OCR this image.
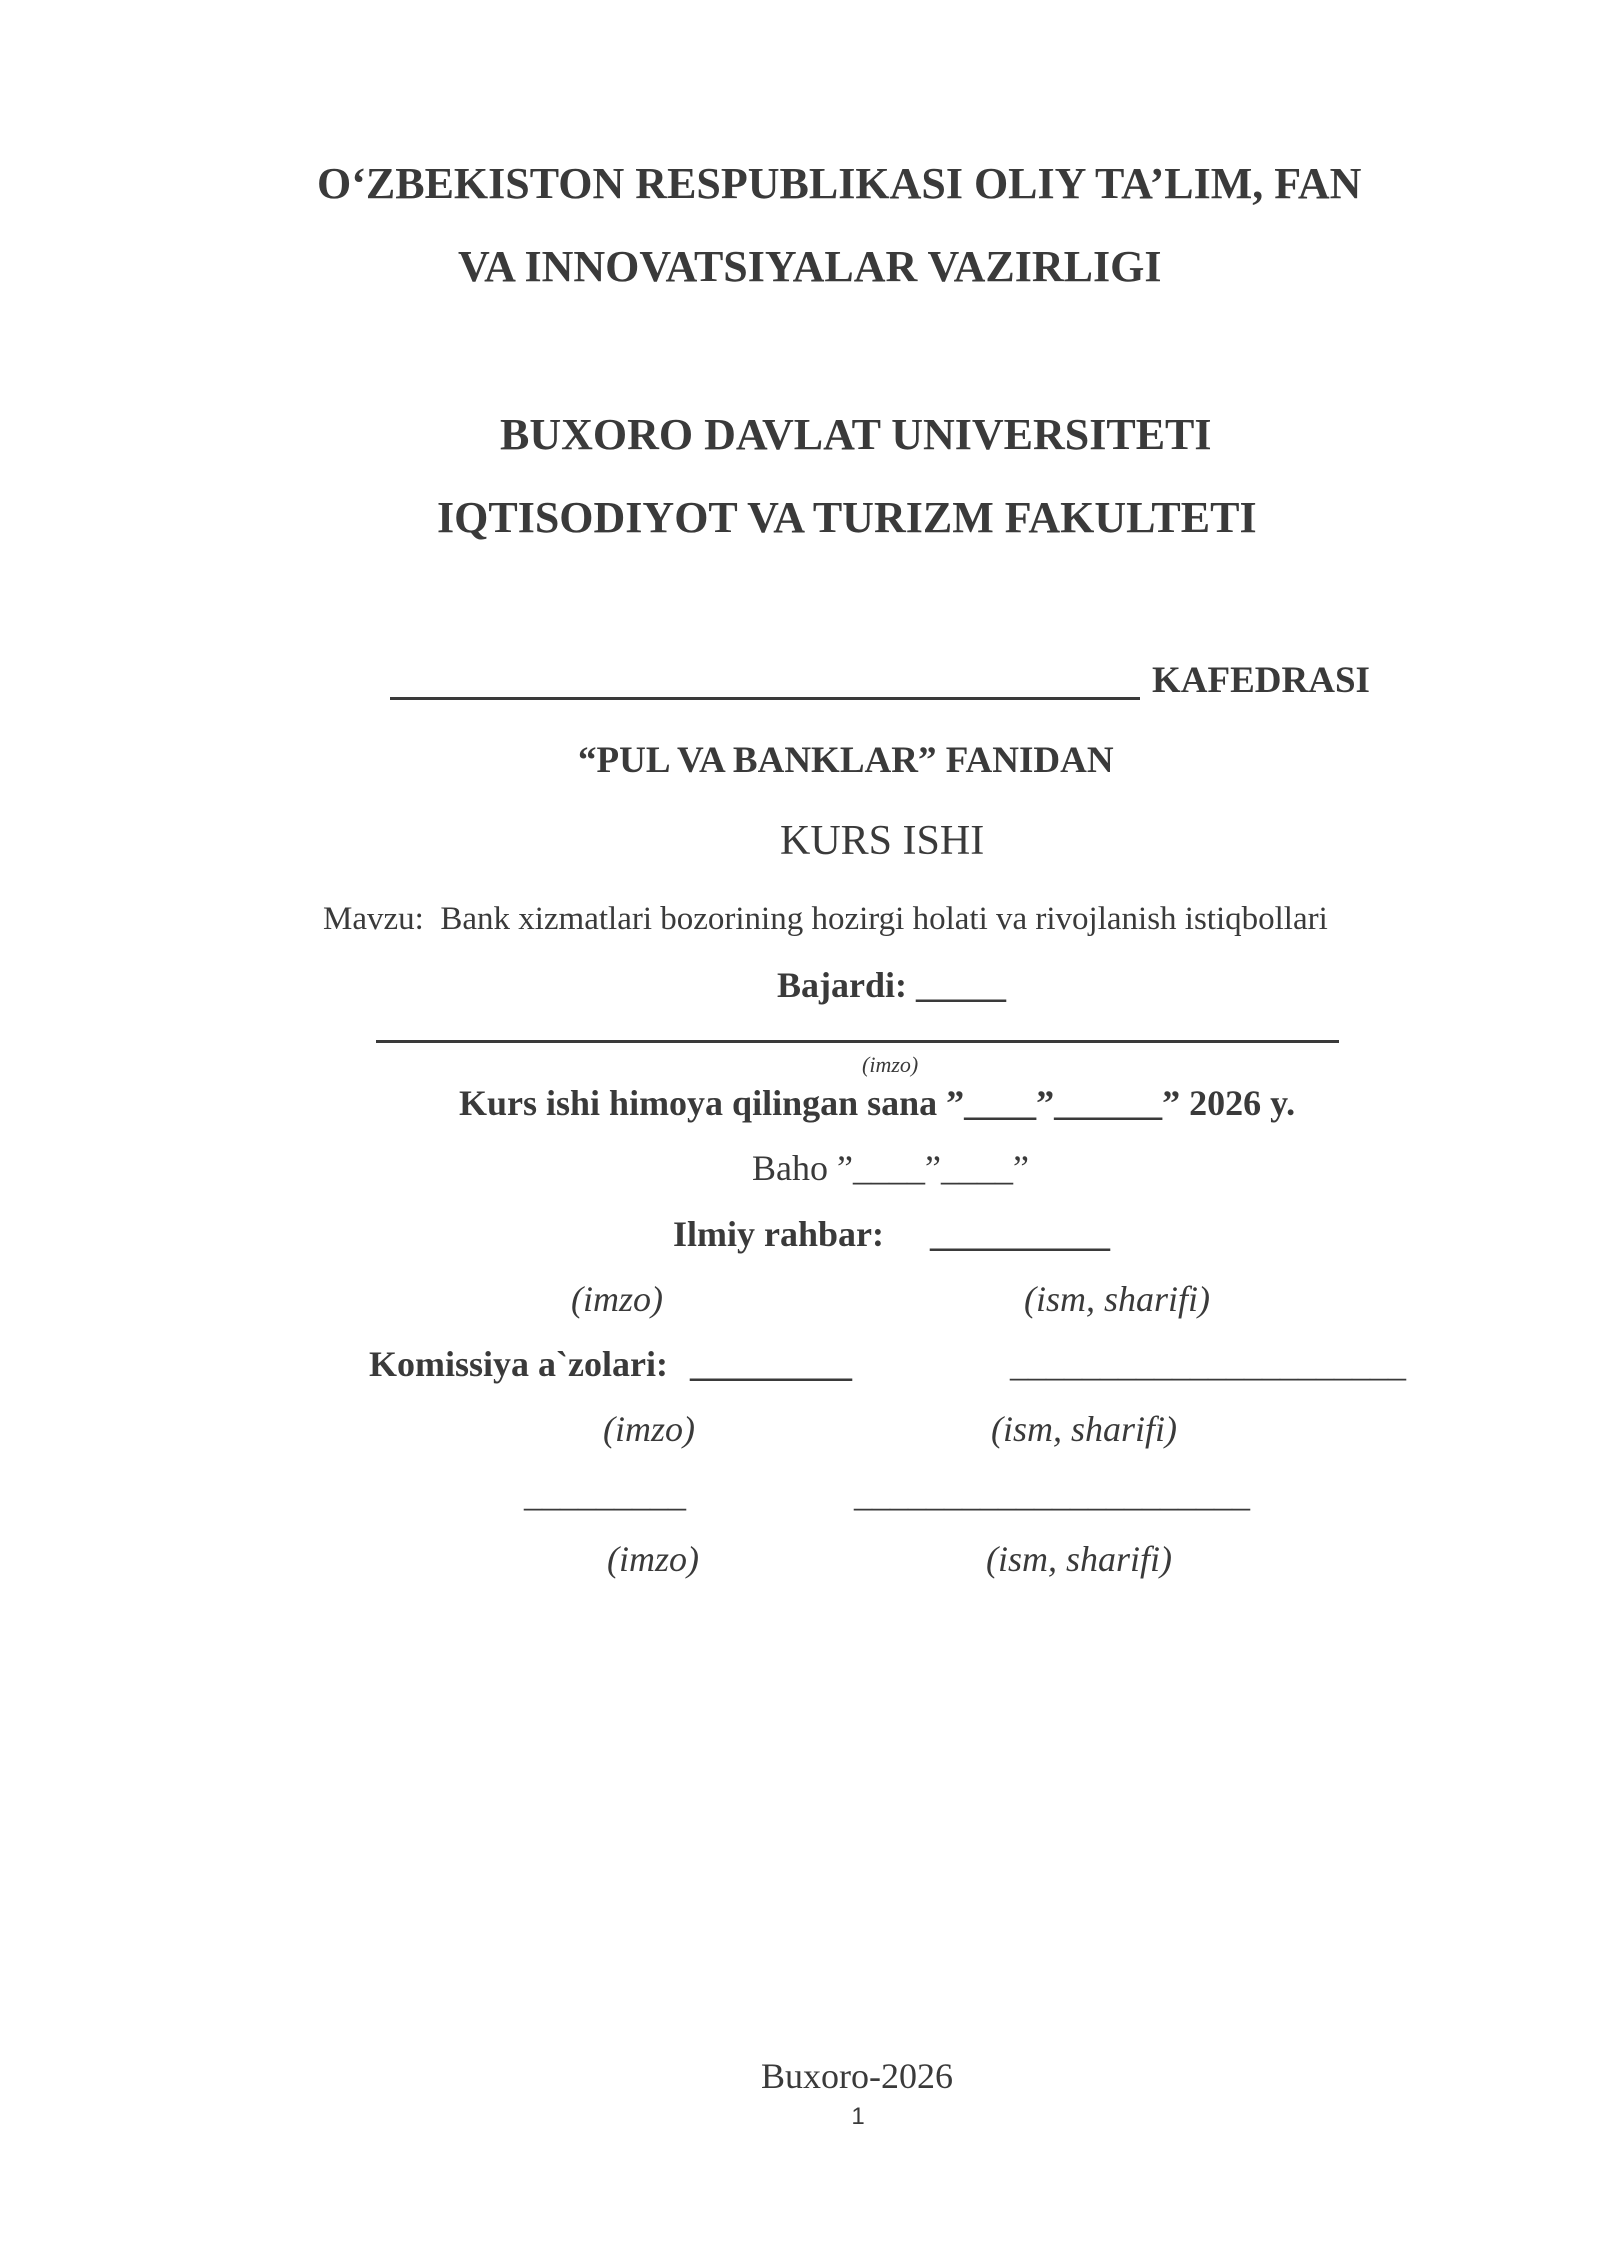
O‘ZBEKISTON RESPUBLIKASI OLIY TA’LIM, FAN
VA INNOVATSIYALAR VAZIRLIGI
BUXORO DAVLAT UNIVERSITETI
IQTISODIYOT VA TURIZM FAKULTETI
KAFEDRASI
“PUL VA BANKLAR” FANIDAN
KURS ISHI
Mavzu: Bank xizmatlari bozorining hozirgi holati va rivojlanish istiqbollari
Bajardi: _____
(imzo)
Kurs ishi himoya qilingan sana ”____”______” 2026 y.
Baho ”____”____”
Ilmiy rahbar: __________
(imzo)	(ism, sharifi)
Komissiya a`zolari: _________	______________________
(imzo)	(ism, sharifi)
_________	______________________
(imzo)	(ism, sharifi)
Buxoro-2026
1
